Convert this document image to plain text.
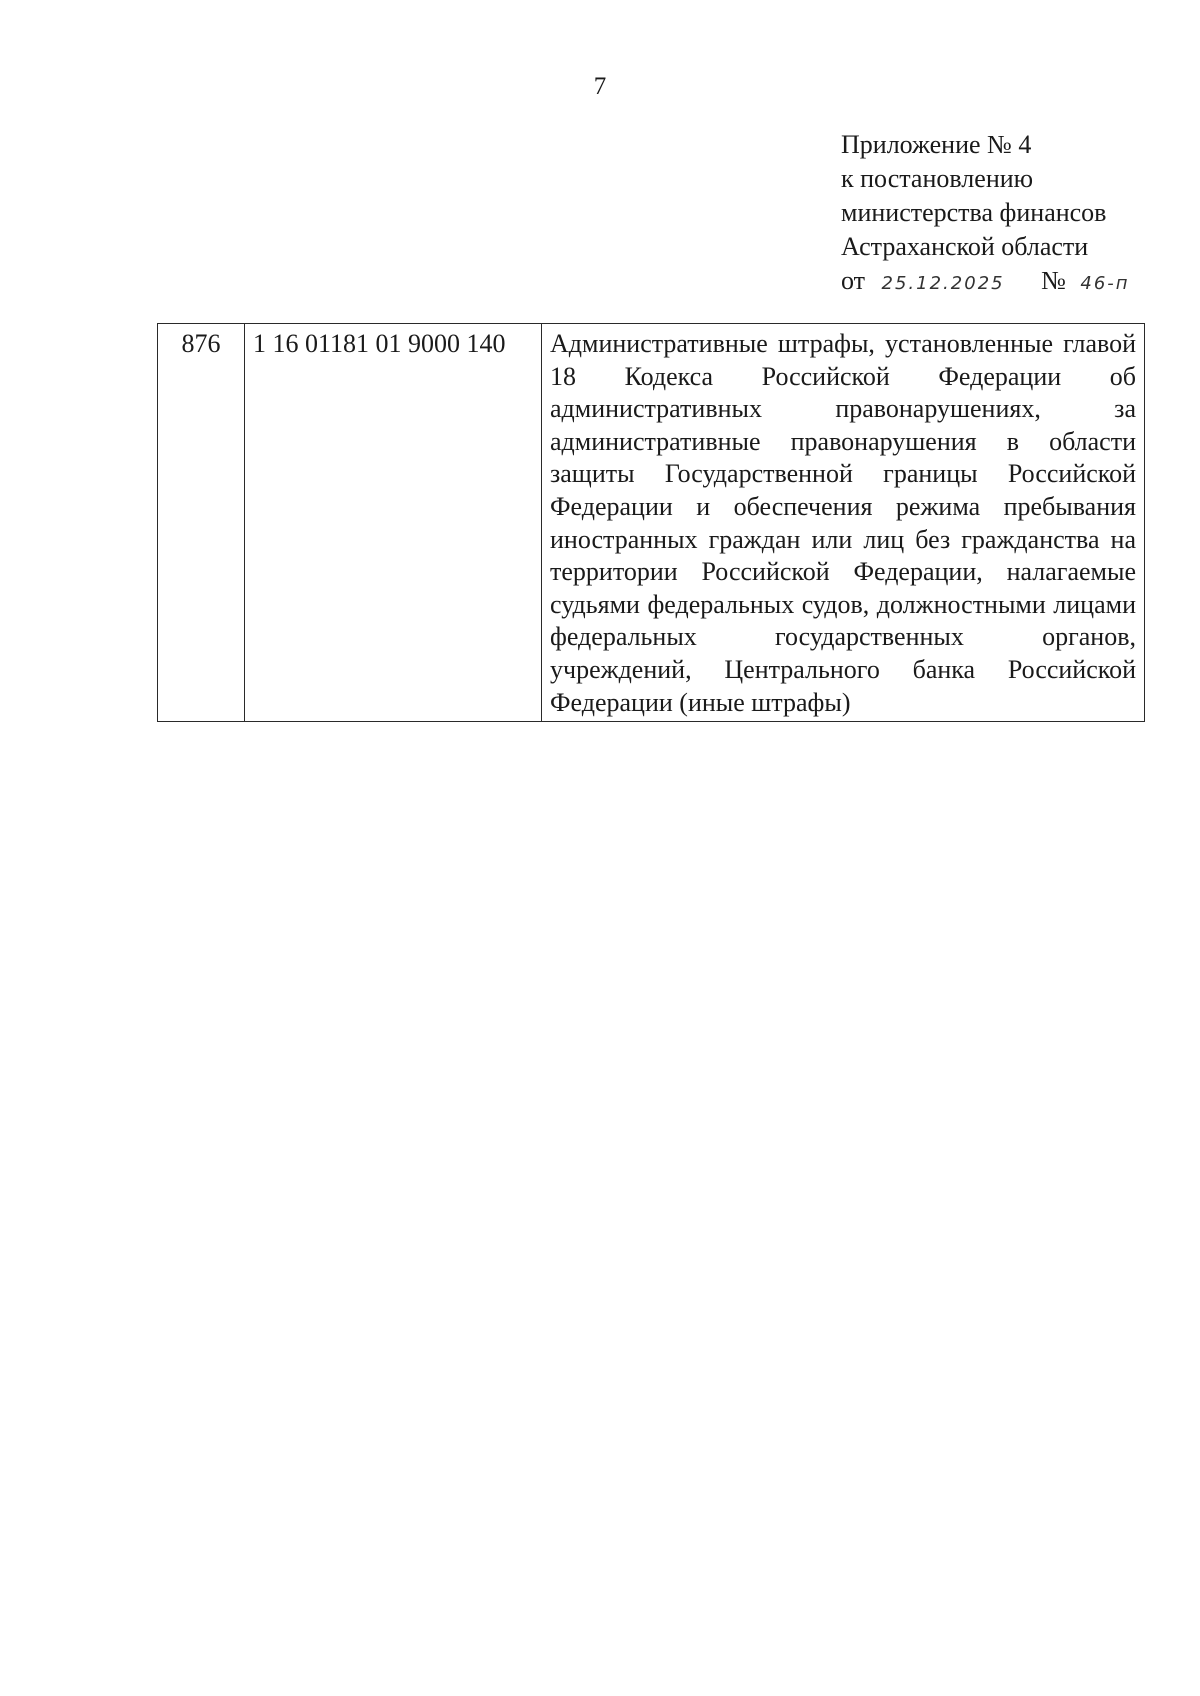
7
Приложение № 4
к постановлению
министерства финансов
Астраханской области
от 25.12.2025 № 46-п
876	1 16 01181 01 9000 140	Административные штрафы, установленные главой 18 Кодекса Российской Федерации об административных правонарушениях, за административные правонарушения в области защиты Государственной границы Российской Федерации и обеспечения режима пребывания иностранных граждан или лиц без гражданства на территории Российской Федерации, налагаемые судьями федеральных судов, должностными лицами федеральных государственных органов, учреждений, Центрального банка Российской Федерации (иные штрафы)
